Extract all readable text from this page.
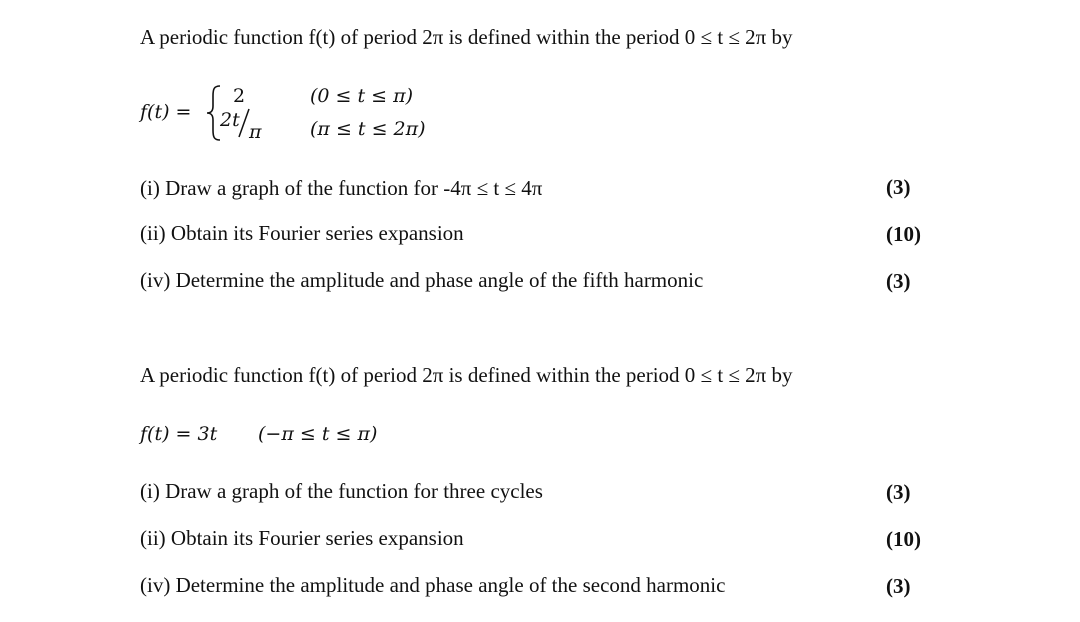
A periodic function f(t) of period 2π is defined within the period 0 ≤ t ≤ 2π by
f(t) =
2	(0 ≤ t ≤ π)
2t
π	(π ≤ t ≤ 2π)
(i) Draw a graph of the function for -4π ≤ t ≤ 4π	(3)
(ii) Obtain its Fourier series expansion	(10)
(iv) Determine the amplitude and phase angle of the fifth harmonic	(3)
A periodic function f(t) of period 2π is defined within the period 0 ≤ t ≤ 2π by
f(t) = 3t (−π ≤ t ≤ π)
(i) Draw a graph of the function for three cycles	(3)
(ii) Obtain its Fourier series expansion	(10)
(iv) Determine the amplitude and phase angle of the second harmonic	(3)
